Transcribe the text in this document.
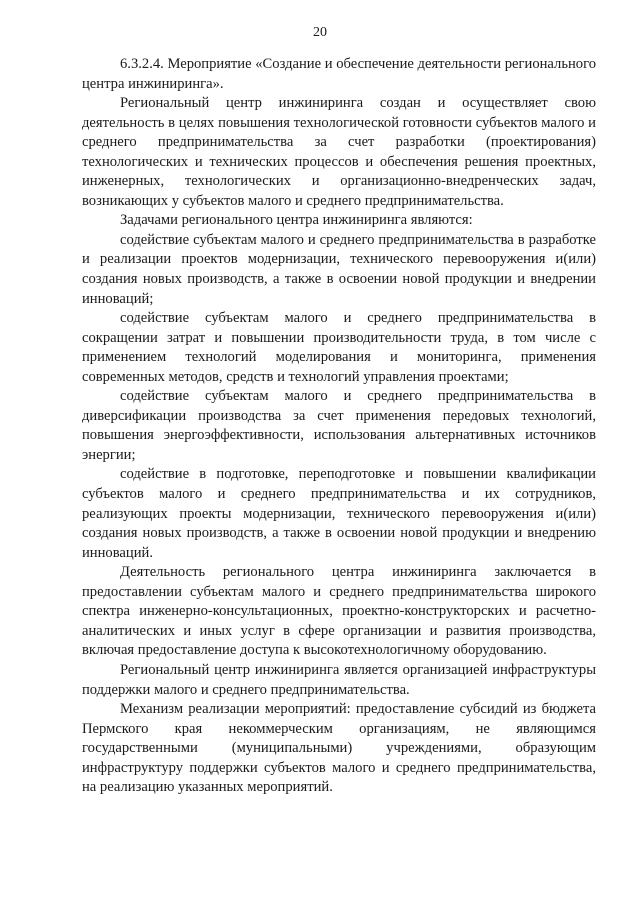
20

6.3.2.4. Мероприятие «Создание и обеспечение деятельности регионального центра инжиниринга».

Региональный центр инжиниринга создан и осуществляет свою деятельность в целях повышения технологической готовности субъектов малого и среднего предпринимательства за счет разработки (проектирования) технологических и технических процессов и обеспечения решения проектных, инженерных, технологических и организационно-внедренческих задач, возникающих у субъектов малого и среднего предпринимательства.

Задачами регионального центра инжиниринга являются:

содействие субъектам малого и среднего предпринимательства в разработке и реализации проектов модернизации, технического перевооружения и(или) создания новых производств, а также в освоении новой продукции и внедрении инноваций;

содействие субъектам малого и среднего предпринимательства в сокращении затрат и повышении производительности труда, в том числе с применением технологий моделирования и мониторинга, применения современных методов, средств и технологий управления проектами;

содействие субъектам малого и среднего предпринимательства в диверсификации производства за счет применения передовых технологий, повышения энергоэффективности, использования альтернативных источников энергии;

содействие в подготовке, переподготовке и повышении квалификации субъектов малого и среднего предпринимательства и их сотрудников, реализующих проекты модернизации, технического перевооружения и(или) создания новых производств, а также в освоении новой продукции и внедрению инноваций.

Деятельность регионального центра инжиниринга заключается в предоставлении субъектам малого и среднего предпринимательства широкого спектра инженерно-консультационных, проектно-конструкторских и расчетно-аналитических и иных услуг в сфере организации и развития производства, включая предоставление доступа к высокотехнологичному оборудованию.

Региональный центр инжиниринга является организацией инфраструктуры поддержки малого и среднего предпринимательства.

Механизм реализации мероприятий: предоставление субсидий из бюджета Пермского края некоммерческим организациям, не являющимся государственными (муниципальными) учреждениями, образующим инфраструктуру поддержки субъектов малого и среднего предпринимательства, на реализацию указанных мероприятий.
